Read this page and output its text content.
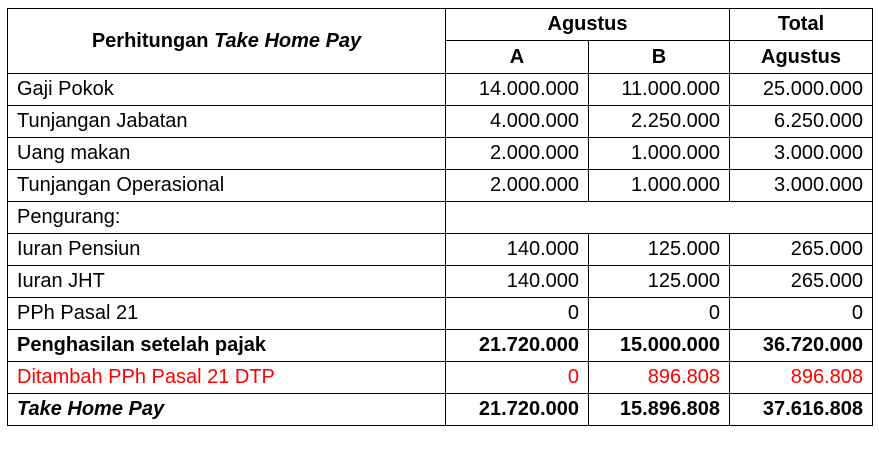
Perhitungan Take Home Pay	Agustus		Total
	A	B	Agustus
Gaji Pokok	14.000.000	11.000.000	25.000.000
Tunjangan Jabatan	4.000.000	2.250.000	6.250.000
Uang makan	2.000.000	1.000.000	3.000.000
Tunjangan Operasional	2.000.000	1.000.000	3.000.000
Pengurang:			
Iuran Pensiun	140.000	125.000	265.000
Iuran JHT	140.000	125.000	265.000
PPh Pasal 21	0	0	0
Penghasilan setelah pajak	21.720.000	15.000.000	36.720.000
Ditambah PPh Pasal 21 DTP	0	896.808	896.808
Take Home Pay	21.720.000	15.896.808	37.616.808
